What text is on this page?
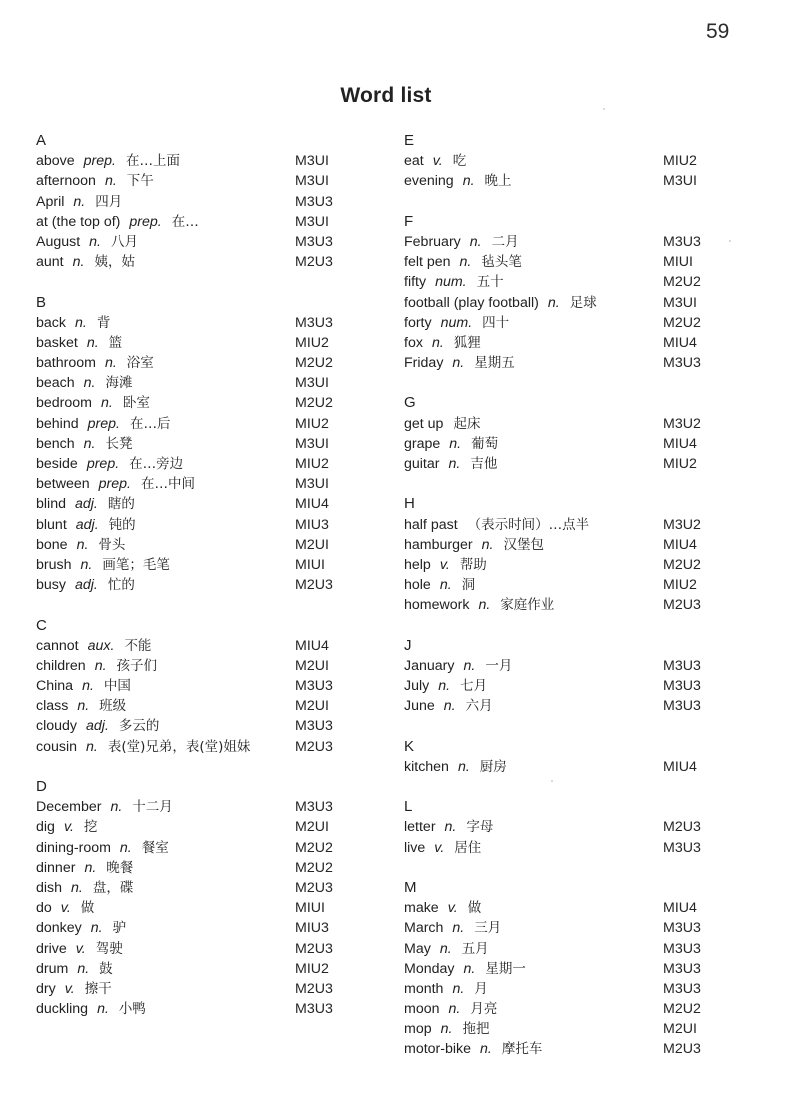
59
Word list
A
above prep. 在…上面	M3UI
afternoon n. 下午	M3UI
April n. 四月	M3U3
at (the top of) prep. 在…	M3UI
August n. 八月	M3U3
aunt n. 姨，姑	M2U3
B
back n. 背	M3U3
basket n. 篮	MIU2
bathroom n. 浴室	M2U2
beach n. 海滩	M3UI
bedroom n. 卧室	M2U2
behind prep. 在…后	MIU2
bench n. 长凳	M3UI
beside prep. 在…旁边	MIU2
between prep. 在…中间	M3UI
blind adj. 瞎的	MIU4
blunt adj. 钝的	MIU3
bone n. 骨头	M2UI
brush n. 画笔；毛笔	MIUI
busy adj. 忙的	M2U3
C
cannot aux. 不能	MIU4
children n. 孩子们	M2UI
China n. 中国	M3U3
class n. 班级	M2UI
cloudy adj. 多云的	M3U3
cousin n. 表(堂)兄弟，表(堂)姐妹	M2U3
D
December n. 十二月	M3U3
dig v. 挖	M2UI
dining-room n. 餐室	M2U2
dinner n. 晚餐	M2U2
dish n. 盘，碟	M2U3
do v. 做	MIUI
donkey n. 驴	MIU3
drive v. 驾驶	M2U3
drum n. 鼓	MIU2
dry v. 擦干	M2U3
duckling n. 小鸭	M3U3
E
eat v. 吃	MIU2
evening n. 晚上	M3UI
F
February n. 二月	M3U3
felt pen n. 毡头笔	MIUI
fifty num. 五十	M2U2
football (play football) n. 足球	M3UI
forty num. 四十	M2U2
fox n. 狐狸	MIU4
Friday n. 星期五	M3U3
G
get up 起床	M3U2
grape n. 葡萄	MIU4
guitar n. 吉他	MIU2
H
half past （表示时间）…点半	M3U2
hamburger n. 汉堡包	MIU4
help v. 帮助	M2U2
hole n. 洞	MIU2
homework n. 家庭作业	M2U3
J
January n. 一月	M3U3
July n. 七月	M3U3
June n. 六月	M3U3
K
kitchen n. 厨房	MIU4
L
letter n. 字母	M2U3
live v. 居住	M3U3
M
make v. 做	MIU4
March n. 三月	M3U3
May n. 五月	M3U3
Monday n. 星期一	M3U3
month n. 月	M3U3
moon n. 月亮	M2U2
mop n. 拖把	M2UI
motor-bike n. 摩托车	M2U3
